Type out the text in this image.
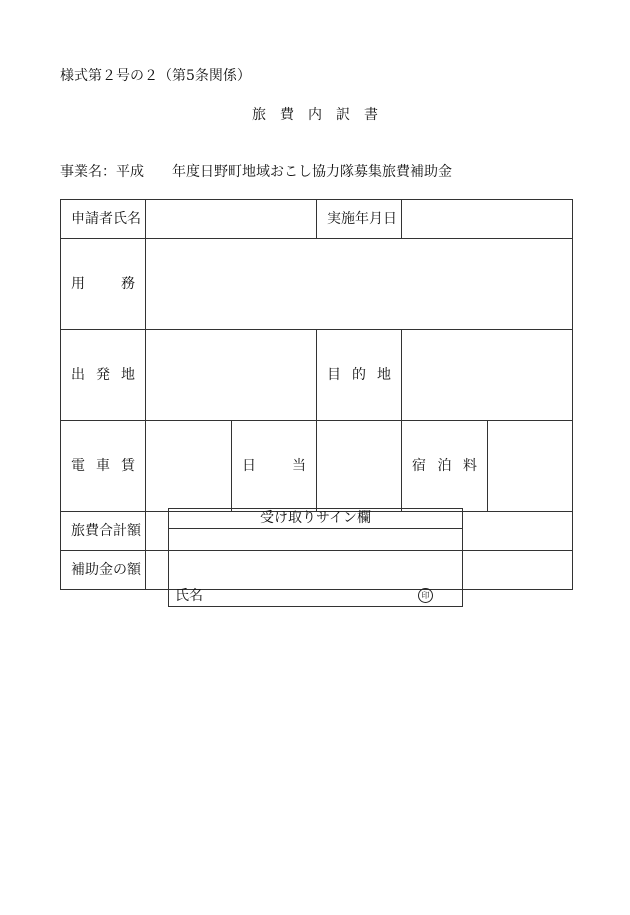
様式第２号の２（第5条関係）
旅　費　内　訳　書
事業名：平成　　年度日野町地域おこし協力隊募集旅費補助金
申請者氏名			実施年月日		

用 務					

出 発 地			目 的 地		

電 車 賃		日 当		宿 泊 料	

旅費合計額					
補助金の額					
受け取りサイン欄
氏名	印
